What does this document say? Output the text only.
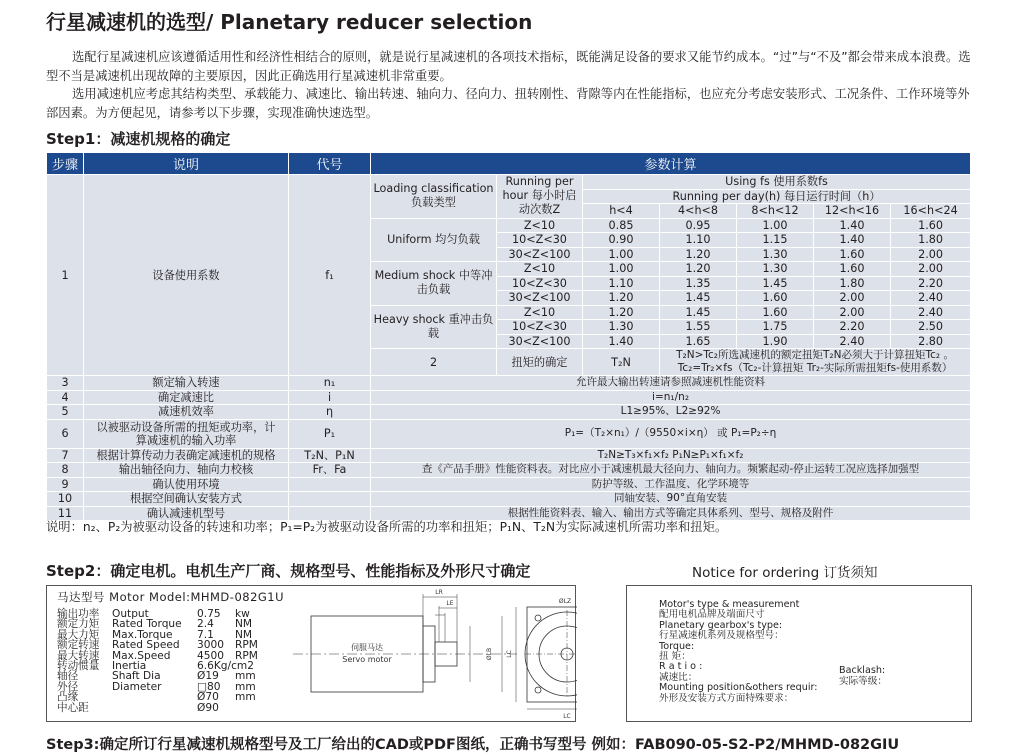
行星减速机的选型/ Planetary reducer selection

选配行星减速机应该遵循适用性和经济性相结合的原则，就是说行星减速机的各项技术指标，既能满足设备的要求又能节约成本。“过”与“不及”都会带来成本浪费。选型不当是减速机出现故障的主要原因，因此正确选用行星减速机非常重要。

选用减速机应考虑其结构类型、承载能力、减速比、输出转速、轴向力、径向力、扭转刚性、背隙等内在性能指标，也应充分考虑安装形式、工况条件、工作环境等外部因素。为方便起见，请参考以下步骤，实现准确快速选型。

Step1：减速机规格的确定
步骤	说明	代号	参数计算						
1	设备使用系数	f₁	Loading classification 负载类型	Running per hour 每小时启动次数Z	Using fs 使用系数fs				
					Running per day(h) 每日运行时间（h）				
					h<4	4<h<8	8<h<12	12<h<16	16<h<24
			Uniform 均匀负载	Z<10	0.85	0.95	1.00	1.40	1.60
				10<Z<30	0.90	1.10	1.15	1.40	1.80
				30<Z<100	1.00	1.20	1.30	1.60	2.00
			Medium shock 中等冲击负载	Z<10	1.00	1.20	1.30	1.60	2.00
				10<Z<30	1.10	1.35	1.45	1.80	2.20
				30<Z<100	1.20	1.45	1.60	2.00	2.40
			Heavy shock 重冲击负载	Z<10	1.20	1.45	1.60	2.00	2.40
				10<Z<30	1.30	1.55	1.75	2.20	2.50
				30<Z<100	1.40	1.65	1.90	2.40	2.80
			2	扭矩的确定	T₂N	T₂N>Tc₂所选减速机的额定扭矩T₂N必须大于计算扭矩Tc₂ 。Tc₂=Tr₂×fs（Tc₂-计算扭矩 Tr₂-实际所需扭矩fs-使用系数）			
3	额定输入转速	n₁	允许最大输出转速请参照减速机性能资料						
4	确定减速比	i	i=n₁/n₂						
5	减速机效率	η	L1≥95%、L2≥92%						
6	以被驱动设备所需的扭矩或功率，计算减速机的输入功率	P₁	P₁=（T₂×n₁）/（9550×i×η） 或 P₁=P₂÷η						
7	根据计算传动力表确定减速机的规格	T₂N、P₁N	T₂N≥T₃×f₁×f₂ P₁N≥P₁×f₁×f₂						
8	输出轴径向力、轴向力校核	Fr、Fa	查《产品手册》性能资料表。对比应小于减速机最大径向力、轴向力。频繁起动-停止运转工况应选择加强型						
9	确认使用环境		防护等级、工作温度、化学环境等						
10	根据空间确认安装方式		同轴安装、90°直角安装						
11	确认减速机型号		根据性能资料表、输入、输出方式等确定具体系列、型号、规格及附件						
说明：n₂、P₂为被驱动设备的转速和功率；P₁=P₂为被驱动设备所需的功率和扭矩；P₁N、T₂N为实际减速机所需功率和扭矩。
Step2：确定电机。电机生产厂商、规格型号、性能指标及外形尺寸确定	Notice for ordering 订货须知
马达型号 Motor Model:MHMD-082G1U
输出功率	Output	0.75	kw
额定力矩	Rated Torque	2.4	NM
最大力矩	Max.Torque	7.1	NM
额定转速	Rated Speed	3000	RPM
最大转速	Max.Speed	4500	RPM
转动惯量	Inertia	6.6Kg/cm2
轴径	Shaft Dia	Ø19	mm
外径	Diameter	□80	mm
凸缘	Ø70	mm
中心距	Ø90
伺服马达
Servo motor
LR
LE	ØLZ
LC
ØLB LC
Motor's type & measurement
配用电机品牌及端面尺寸
Planetary gearbox's type:
行星减速机系列及规格型号：
Torque:
扭 矩：
R a t i o :
减速比：
Mounting position&others requir:
外形及安装方式方面特殊要求：
Backlash:
实际等级：
Step3:确定所订行星减速机规格型号及工厂给出的CAD或PDF图纸，正确书写型号 例如：FAB090-05-S2-P2/MHMD-082GIU
